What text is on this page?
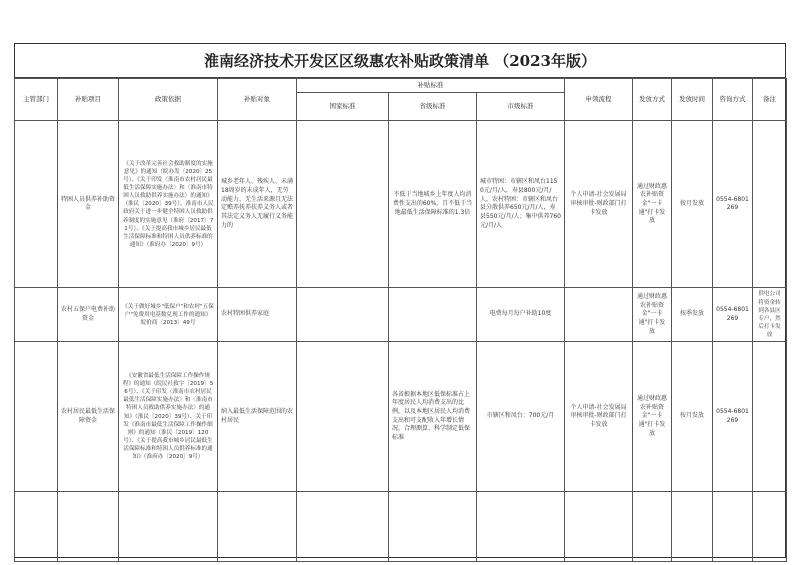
淮南经济技术开发区区级惠农补贴政策清单 （2023年版）
主管部门	补贴项目	政策依据	补贴对象	补贴标准			申领流程	发放方式	发放时间	咨询方式	备注
				国家标准	省级标准	市级标准					
	特困人员供养补助资金	《关于改革完善社会救助制度的实施意见》的通知（皖办发〔2020〕25号）、《关于印发〈淮南市农村居民最低生活保障实施办法〉和〈淮南市特困人员救助供养实施办法〉的通知》（淮民〔2020〕39号）、淮南市人民政府关于进一步健全特困人员救助供养制度的实施意见（淮府〔2017〕71号）、《关于提高我市城乡居民最低生活保障标准和特困人员供养标准的通知》（淮府办〔2020〕9号）	城乡老年人、残疾人、未满18周岁的未成年人，无劳动能力、无生活来源且无法定赡养抚养扶养义务人或者其法定义务人无履行义务能力的		不低于当地城乡上年度人均消费性支出的60%，且不低于当地最低生活保障标准的1.3倍	城市特困：市辖区和凤台1150元/月/人，寿县800元/月/人，农村特困：市辖区和凤台县分散供养650元/月/人，寿县550元/月/人；集中供养760元/月/人	个人申请-社会发展局审核审批-财政部门打卡发放	通过财政惠农补贴资金"一卡通"打卡发放	按月发放	0554-6801269	
	农村五保户电费补助资金	《关于做好城乡"低保户"和农村"五保户"免费用电基数兑现工作的通知》皖价商〔2013〕49号	农村特困供养家庭			电费每月每户补助10度		通过财政惠农补贴资金"一卡通"打卡发放	按季发放	0554-6801269	供电公司将资金转到各县区专户，然后打卡发放
	农村居民最低生活保障资金	《安徽省最低生活保障工作操作规程》的通知（皖民社救字〔2019〕56号）、《关于印发〈淮南市农村居民最低生活保障实施办法〉和〈淮南市特困人员救助供养实施办法〉的通知》（淮民〔2020〕39号）、关于印发《淮南市最低生活保障工作操作细则》的通知（淮民〔2019〕120号）、《关于提高我市城乡居民最低生活保障标准和特困人员供养标准的通知》（淮府办〔2020〕9号）	纳入最低生活保障范围的农村居民		各省根据本地区低保标准占上年度居民人均消费支出的比例，以及本地区居民人均消费支出和可支配收入年增长情况，合理测算、科学制定低保标准	市辖区和凤台：700元/月	个人申请-社会发展局审核审批-财政部门打卡发放	通过财政惠农补贴资金"一卡通"打卡发放	按月发放	0554-6801269	
